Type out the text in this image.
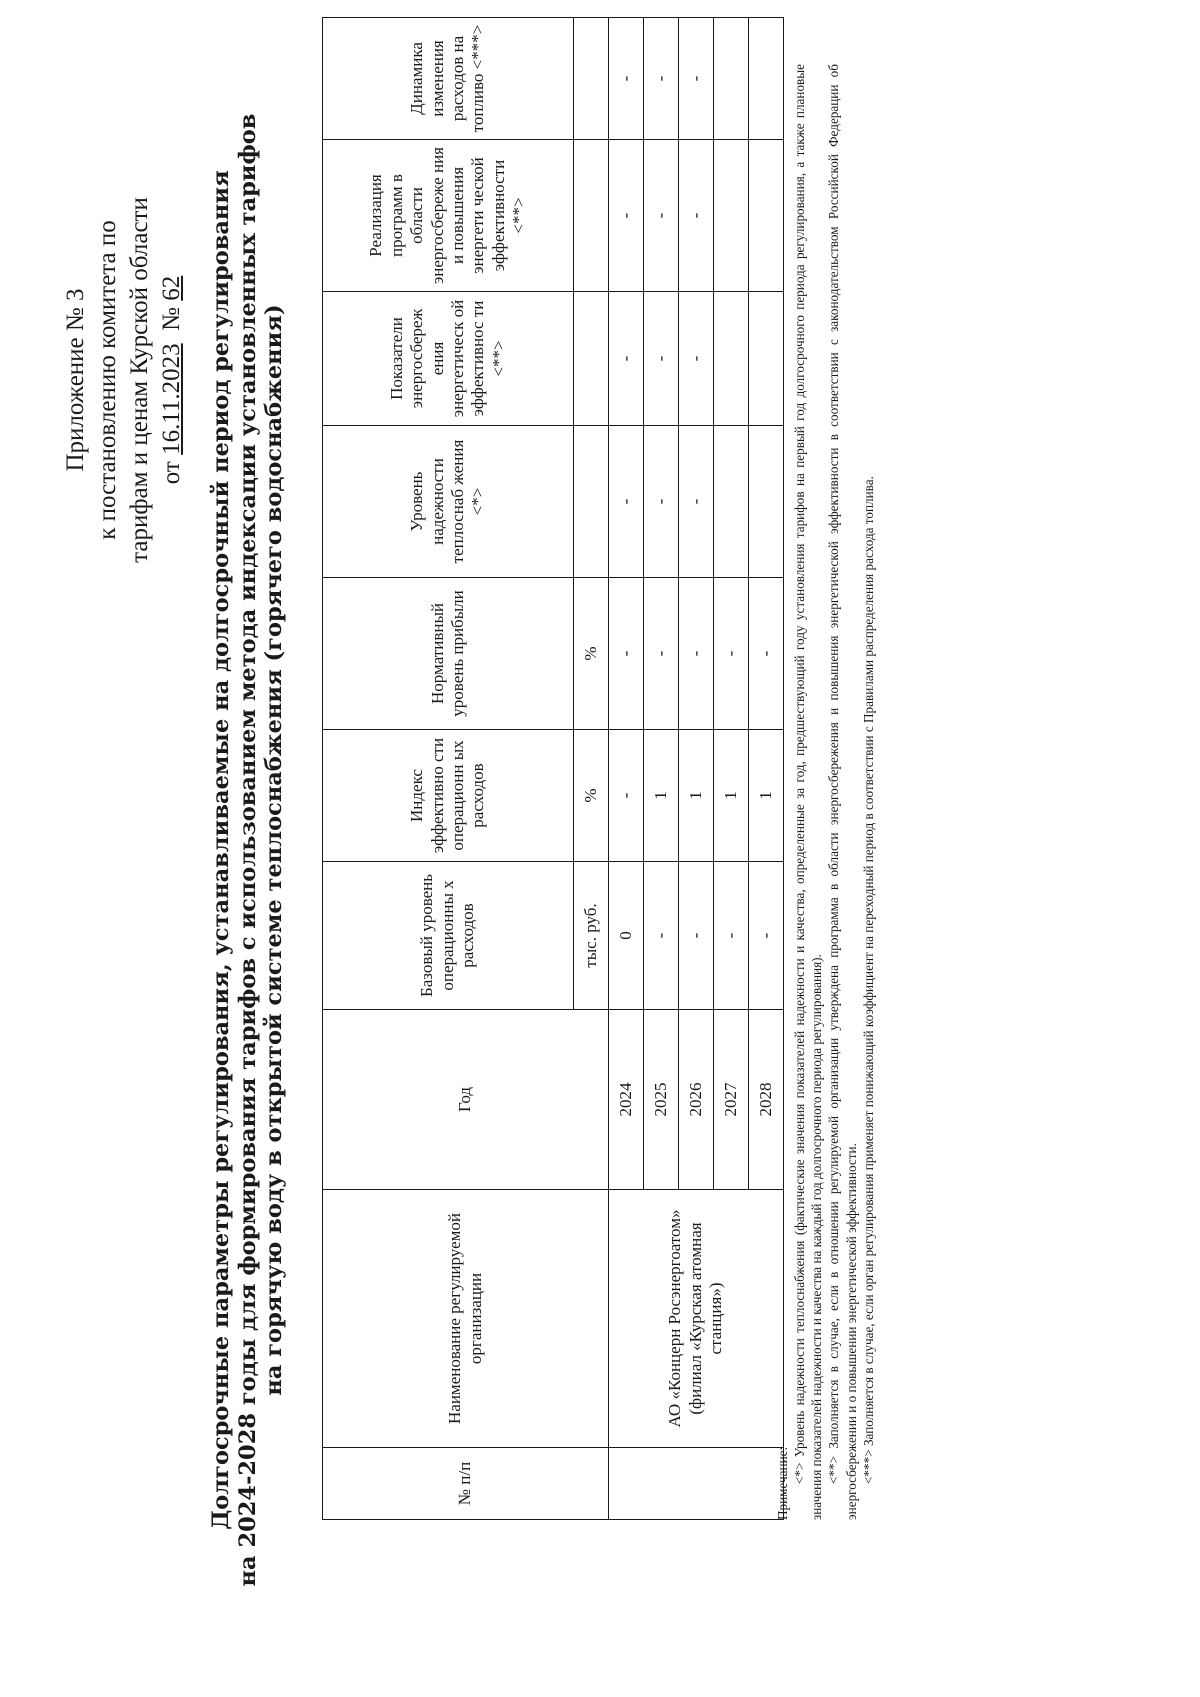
Приложение № 3 к постановлению комитета по тарифам и ценам Курской области от 16.11.2023  № 62 Долгосрочные параметры регулирования, устанавливаемые на долгосрочный период регулирования на 2024-2028 годы для формирования тарифов с использованием метода индексации установленных тарифов на горячую воду в открытой системе теплоснабжения (горячего водоснабжения)
№ п/п	Наименование регулируемой организации	Год	Базовый уровень операционны х расходов	Индекс эффективно сти операционн ых расходов	Нормативный уровень прибыли	Уровень надежности теплоснаб жения <*>	Показатели энергосбереж ения энергетическ ой эффективнос ти <**>	Реализация программ в области энергосбереже ния и повышения энергети ческой эффективности <**>	Динамика изменения расходов на топливо <***>
			тыс. руб.	%	%				
	АО «Концерн Росэнергоатом» (филиал «Курская атомная станция»)	2024	0	-	-	-	-	-	-
		2025	-	1	-	-	-	-	-
		2026	-	1	-	-	-	-	-
		2027	-	1	-				
		2028	-	1	-				

Примечание: <*> Уровень надежности теплоснабжения (фактические значения показателей надежности и качества, определенные за год, предшествующий году установления тарифов на первый год долгосрочного периода регулирования, а также плановые значения показателей надежности и качества на каждый год долгосрочного периода регулирования). <**> Заполняется в случае, если в отношении регулируемой организации утверждена программа в области энергосбережения и повышения энергетической эффективности в соответствии с законодательством Российской Федерации об энергосбережении и о повышении энергетической эффективности. <***> Заполняется в случае, если орган регулирования применяет понижающий коэффициент на переходный период в соответствии с Правилами распределения расхода топлива.
